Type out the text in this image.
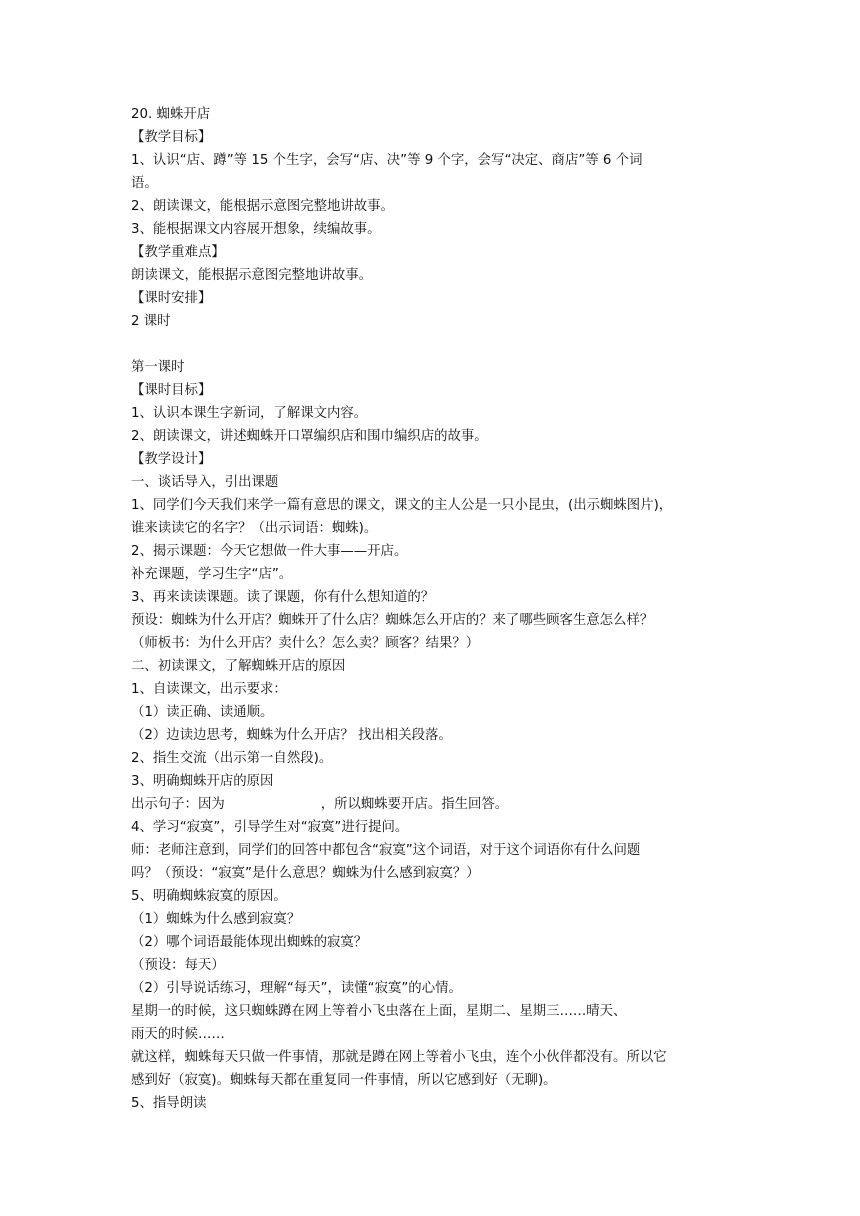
20. 蜘蛛开店
【教学目标】
1、认识“店、蹲”等 15 个生字，会写“店、决”等 9 个字，会写“决定、商店”等 6 个词
语。
2、朗读课文，能根据示意图完整地讲故事。
3、能根据课文内容展开想象，续编故事。
【教学重难点】
朗读课文，能根据示意图完整地讲故事。
【课时安排】
2 课时
第一课时
【课时目标】
1、认识本课生字新词，了解课文内容。
2、朗读课文，讲述蜘蛛开口罩编织店和围巾编织店的故事。
【教学设计】
一、谈话导入，引出课题
1、同学们今天我们来学一篇有意思的课文，课文的主人公是一只小昆虫，(出示蜘蛛图片)，
谁来读读它的名字？（出示词语：蜘蛛)。
2、揭示课题：今天它想做一件大事——开店。
补充课题，学习生字“店”。
3、再来读读课题。读了课题，你有什么想知道的？
预设：蜘蛛为什么开店？蜘蛛开了什么店？蜘蛛怎么开店的？来了哪些顾客生意怎么样？
（师板书：为什么开店？卖什么？怎么卖？顾客？结果？）
二、初读课文，了解蜘蛛开店的原因
1、自读课文，出示要求：
（1）读正确、读通顺。
（2）边读边思考，蜘蛛为什么开店？ 找出相关段落。
2、指生交流（出示第一自然段)。
3、明确蜘蛛开店的原因
出示句子：因为	，所以蜘蛛要开店。指生回答。
4、学习“寂寞”，引导学生对“寂寞”进行提问。
师：老师注意到，同学们的回答中都包含“寂寞”这个词语，对于这个词语你有什么问题
吗？（预设：“寂寞”是什么意思？蜘蛛为什么感到寂寞？）
5、明确蜘蛛寂寞的原因。
（1）蜘蛛为什么感到寂寞？
（2）哪个词语最能体现出蜘蛛的寂寞？
（预设：每天）
（2）引导说话练习，理解“每天”，读懂“寂寞”的心情。
星期一的时候，这只蜘蛛蹲在网上等着小飞虫落在上面，星期二、星期三……晴天、
雨天的时候……
就这样，蜘蛛每天只做一件事情，那就是蹲在网上等着小飞虫，连个小伙伴都没有。所以它
感到好（寂寞)。蜘蛛每天都在重复同一件事情，所以它感到好（无聊)。
5、指导朗读
